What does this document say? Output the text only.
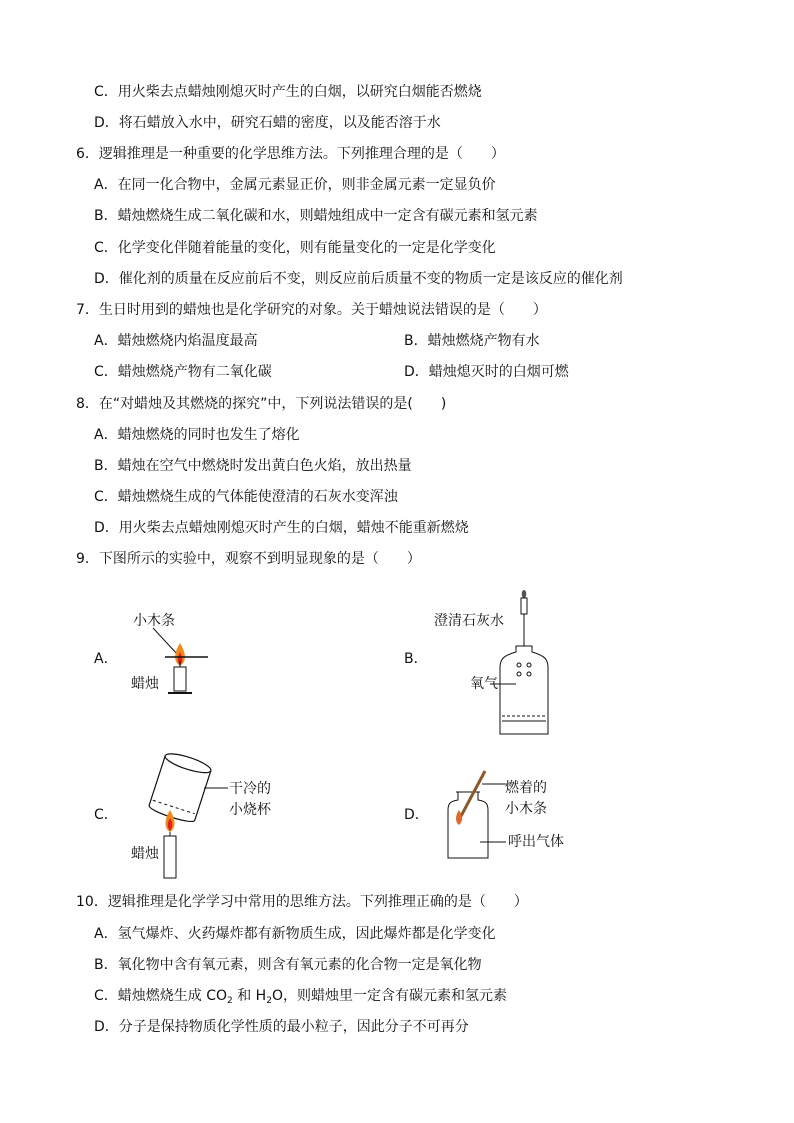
C．用火柴去点蜡烛刚熄灭时产生的白烟，以研究白烟能否燃烧
D．将石蜡放入水中，研究石蜡的密度，以及能否溶于水
6．逻辑推理是一种重要的化学思维方法。下列推理合理的是（　　）
A．在同一化合物中，金属元素显正价，则非金属元素一定显负价
B．蜡烛燃烧生成二氧化碳和水，则蜡烛组成中一定含有碳元素和氢元素
C．化学变化伴随着能量的变化，则有能量变化的一定是化学变化
D．催化剂的质量在反应前后不变，则反应前后质量不变的物质一定是该反应的催化剂
7．生日时用到的蜡烛也是化学研究的对象。关于蜡烛说法错误的是（　　）
A．蜡烛燃烧内焰温度最高	B．蜡烛燃烧产物有水
C．蜡烛燃烧产物有二氧化碳	D．蜡烛熄灭时的白烟可燃
8．在“对蜡烛及其燃烧的探究”中，下列说法错误的是(　　)
A．蜡烛燃烧的同时也发生了熔化
B．蜡烛在空气中燃烧时发出黄白色火焰，放出热量
C．蜡烛燃烧生成的气体能使澄清的石灰水变浑浊
D．用火柴去点蜡烛刚熄灭时产生的白烟，蜡烛不能重新燃烧
9．下图所示的实验中，观察不到明显现象的是（　　）
A．
小木条
蜡烛
B．
澄清石灰水
氧气
C．
干冷的
小烧杯
蜡烛
D．
燃着的
小木条
呼出气体
10．逻辑推理是化学学习中常用的思维方法。下列推理正确的是（　　）
A．氢气爆炸、火药爆炸都有新物质生成，因此爆炸都是化学变化
B．氧化物中含有氧元素，则含有氧元素的化合物一定是氧化物
C．蜡烛燃烧生成 $CO_2$ 和 $H_2O$，则蜡烛里一定含有碳元素和氢元素
D．分子是保持物质化学性质的最小粒子，因此分子不可再分
